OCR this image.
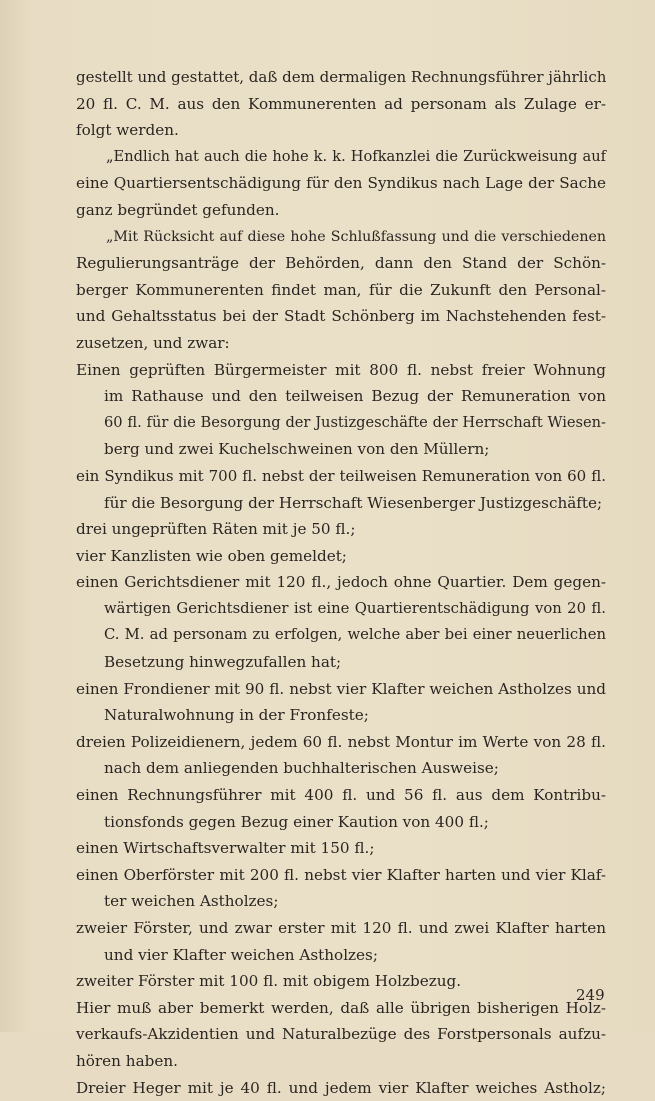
gestellt und gestattet, daß dem dermaligen Rechnungsführer jährlich
20 fl. C. M. aus den Kommunerenten ad personam als Zulage er-
folgt werden.
„Endlich hat auch die hohe k. k. Hofkanzlei die Zurückweisung auf
eine Quartiersentschädigung für den Syndikus nach Lage der Sache
ganz begründet gefunden.
„Mit Rücksicht auf diese hohe Schlußfassung und die verschiedenen
Regulierungsanträge der Behörden, dann den Stand der Schön-
berger Kommunerenten findet man, für die Zukunft den Personal-
und Gehaltsstatus bei der Stadt Schönberg im Nachstehenden fest-
zusetzen, und zwar:
Einen geprüften Bürgermeister mit 800 fl. nebst freier Wohnung
im Rathause und den teilweisen Bezug der Remuneration von
60 fl. für die Besorgung der Justizgeschäfte der Herrschaft Wiesen-
berg und zwei Kuchelschweinen von den Müllern;
ein Syndikus mit 700 fl. nebst der teilweisen Remuneration von 60 fl.
für die Besorgung der Herrschaft Wiesenberger Justizgeschäfte;
drei ungeprüften Räten mit je 50 fl.;
vier Kanzlisten wie oben gemeldet;
einen Gerichtsdiener mit 120 fl., jedoch ohne Quartier. Dem gegen-
wärtigen Gerichtsdiener ist eine Quartierentschädigung von 20 fl.
C. M. ad personam zu erfolgen, welche aber bei einer neuerlichen
Besetzung hinwegzufallen hat;
einen Frondiener mit 90 fl. nebst vier Klafter weichen Astholzes und
Naturalwohnung in der Fronfeste;
dreien Polizeidienern, jedem 60 fl. nebst Montur im Werte von 28 fl.
nach dem anliegenden buchhalterischen Ausweise;
einen Rechnungsführer mit 400 fl. und 56 fl. aus dem Kontribu-
tionsfonds gegen Bezug einer Kaution von 400 fl.;
einen Wirtschaftsverwalter mit 150 fl.;
einen Oberförster mit 200 fl. nebst vier Klafter harten und vier Klaf-
ter weichen Astholzes;
zweier Förster, und zwar erster mit 120 fl. und zwei Klafter harten
und vier Klafter weichen Astholzes;
zweiter Förster mit 100 fl. mit obigem Holzbezug.
Hier muß aber bemerkt werden, daß alle übrigen bisherigen Holz-
verkaufs-Akzidentien und Naturalbezüge des Forstpersonals aufzu-
hören haben.
Dreier Heger mit je 40 fl. und jedem vier Klafter weiches Astholz;
249
